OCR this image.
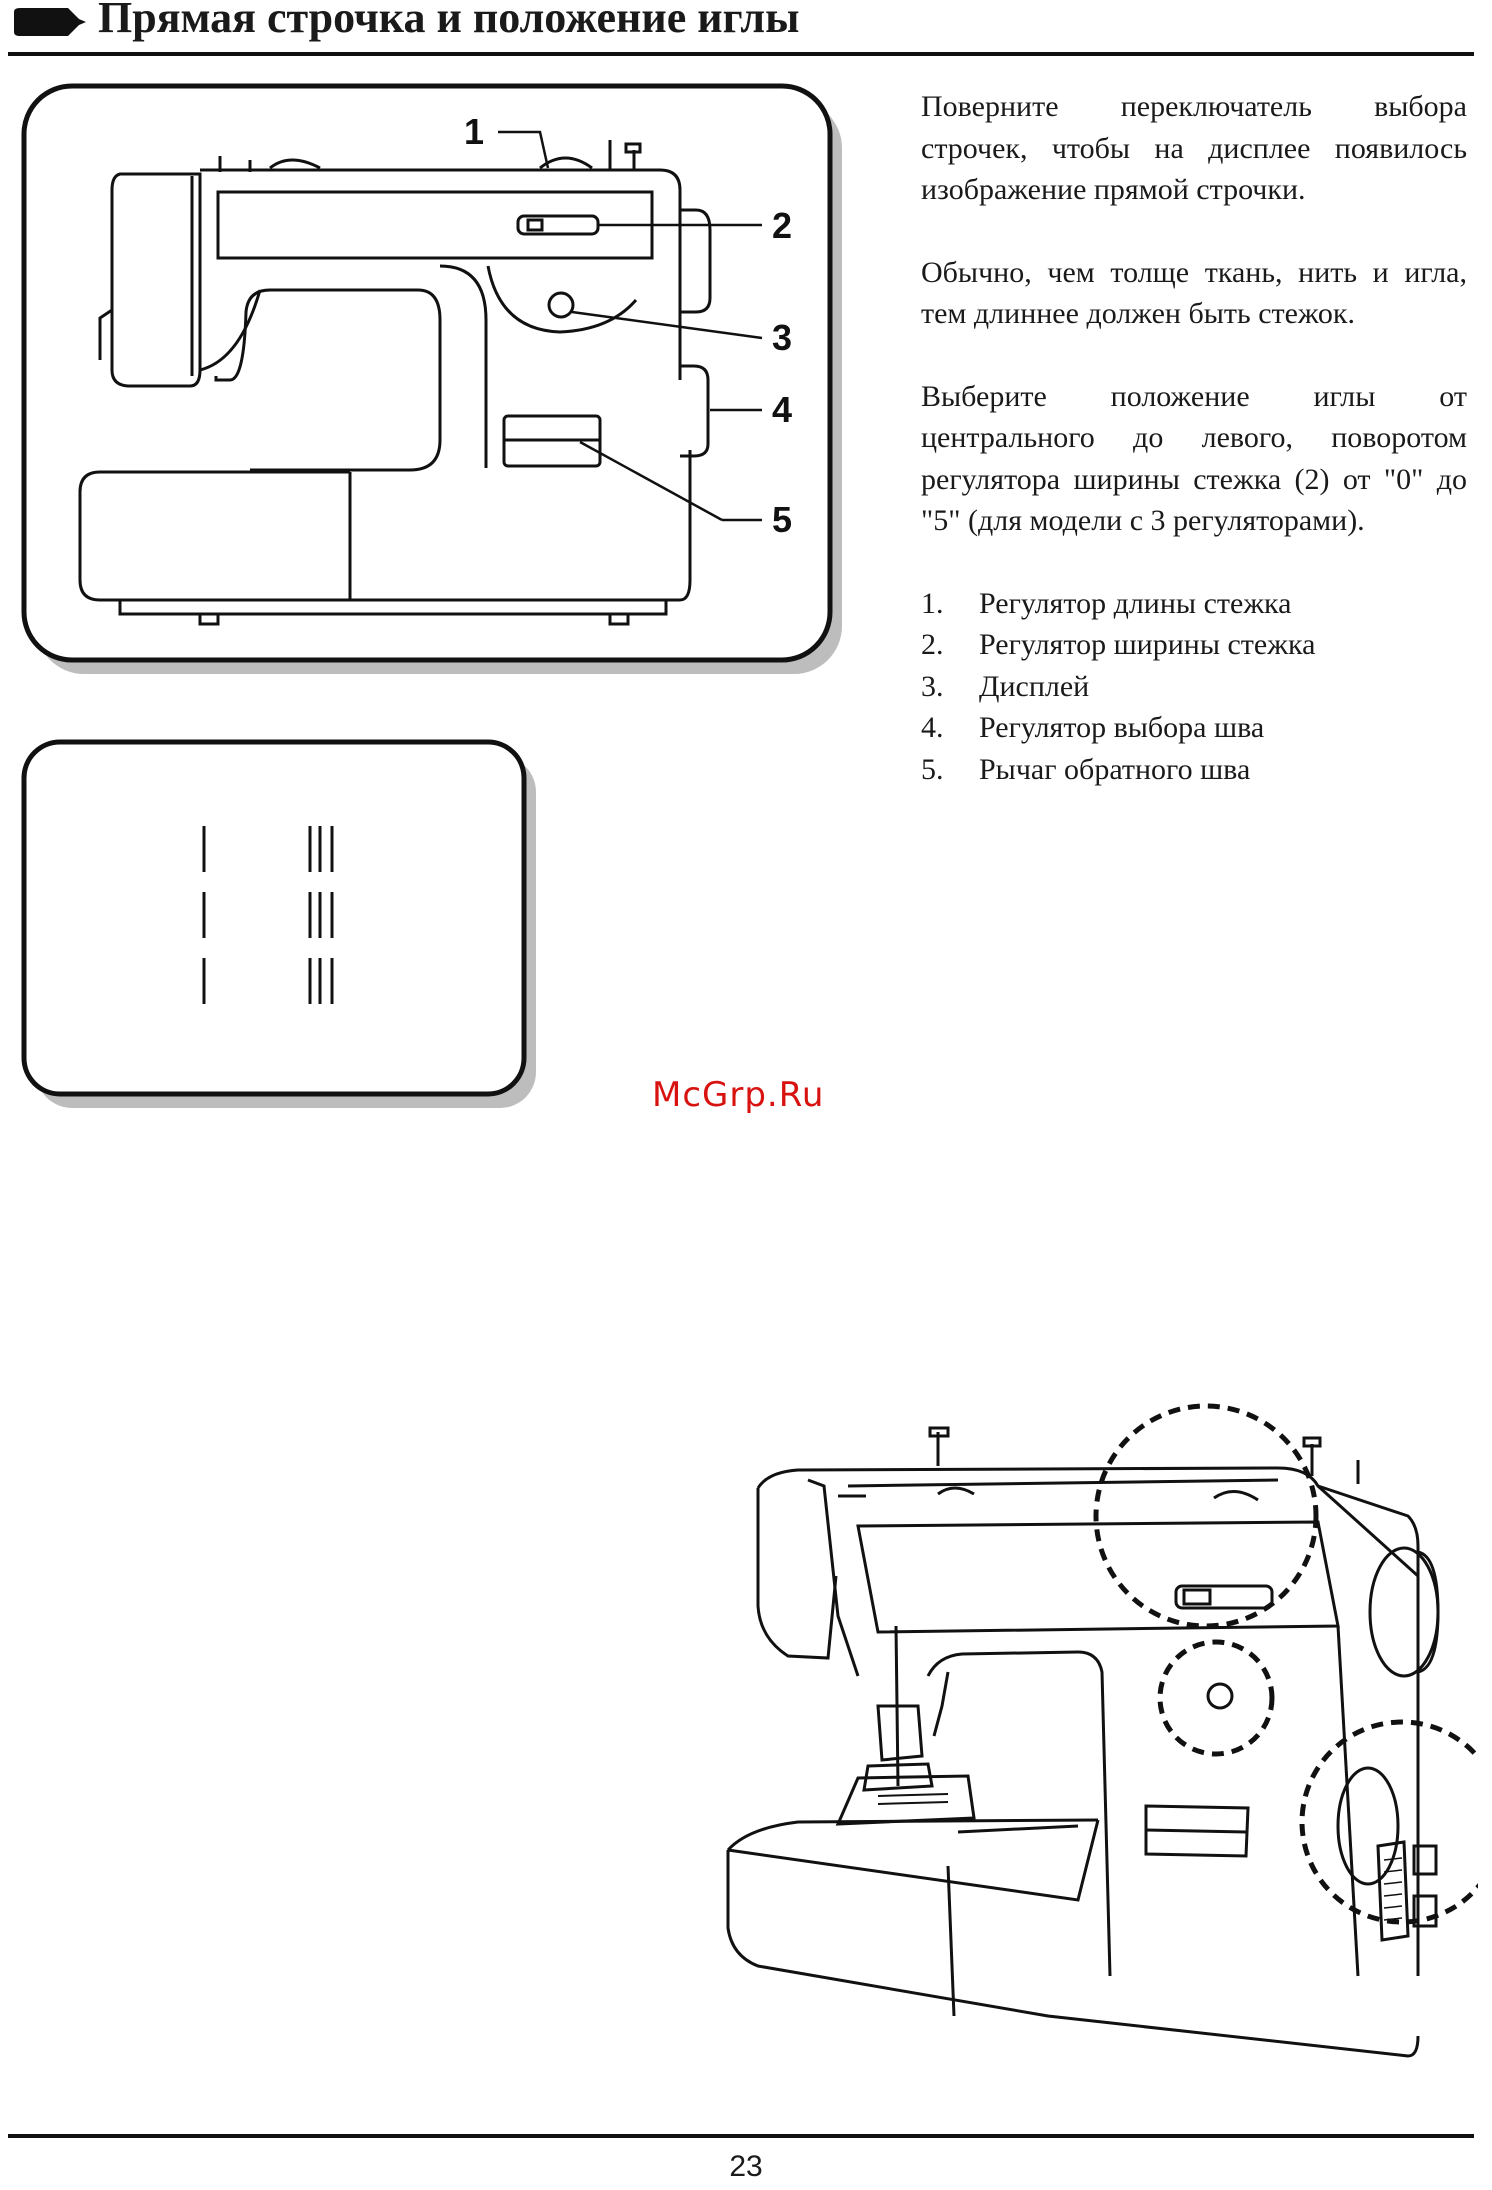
Прямая строчка и положение иглы
1
2
3
4
5

Поверните переключатель выбора строчек, чтобы на дисплее появилось изображение прямой строчки.

Обычно, чем толще ткань, нить и игла, тем длиннее должен быть стежок.

Выберите положение иглы от центрального до левого, поворотом регулятора ширины стежка (2) от "0" до "5" (для модели с 3 регуляторами).

1.	Регулятор длины стежка
2.	Регулятор ширины стежка
3.	Дисплей
4.	Регулятор выбора шва
5.	Рычаг обратного шва
McGrp.Ru
23
